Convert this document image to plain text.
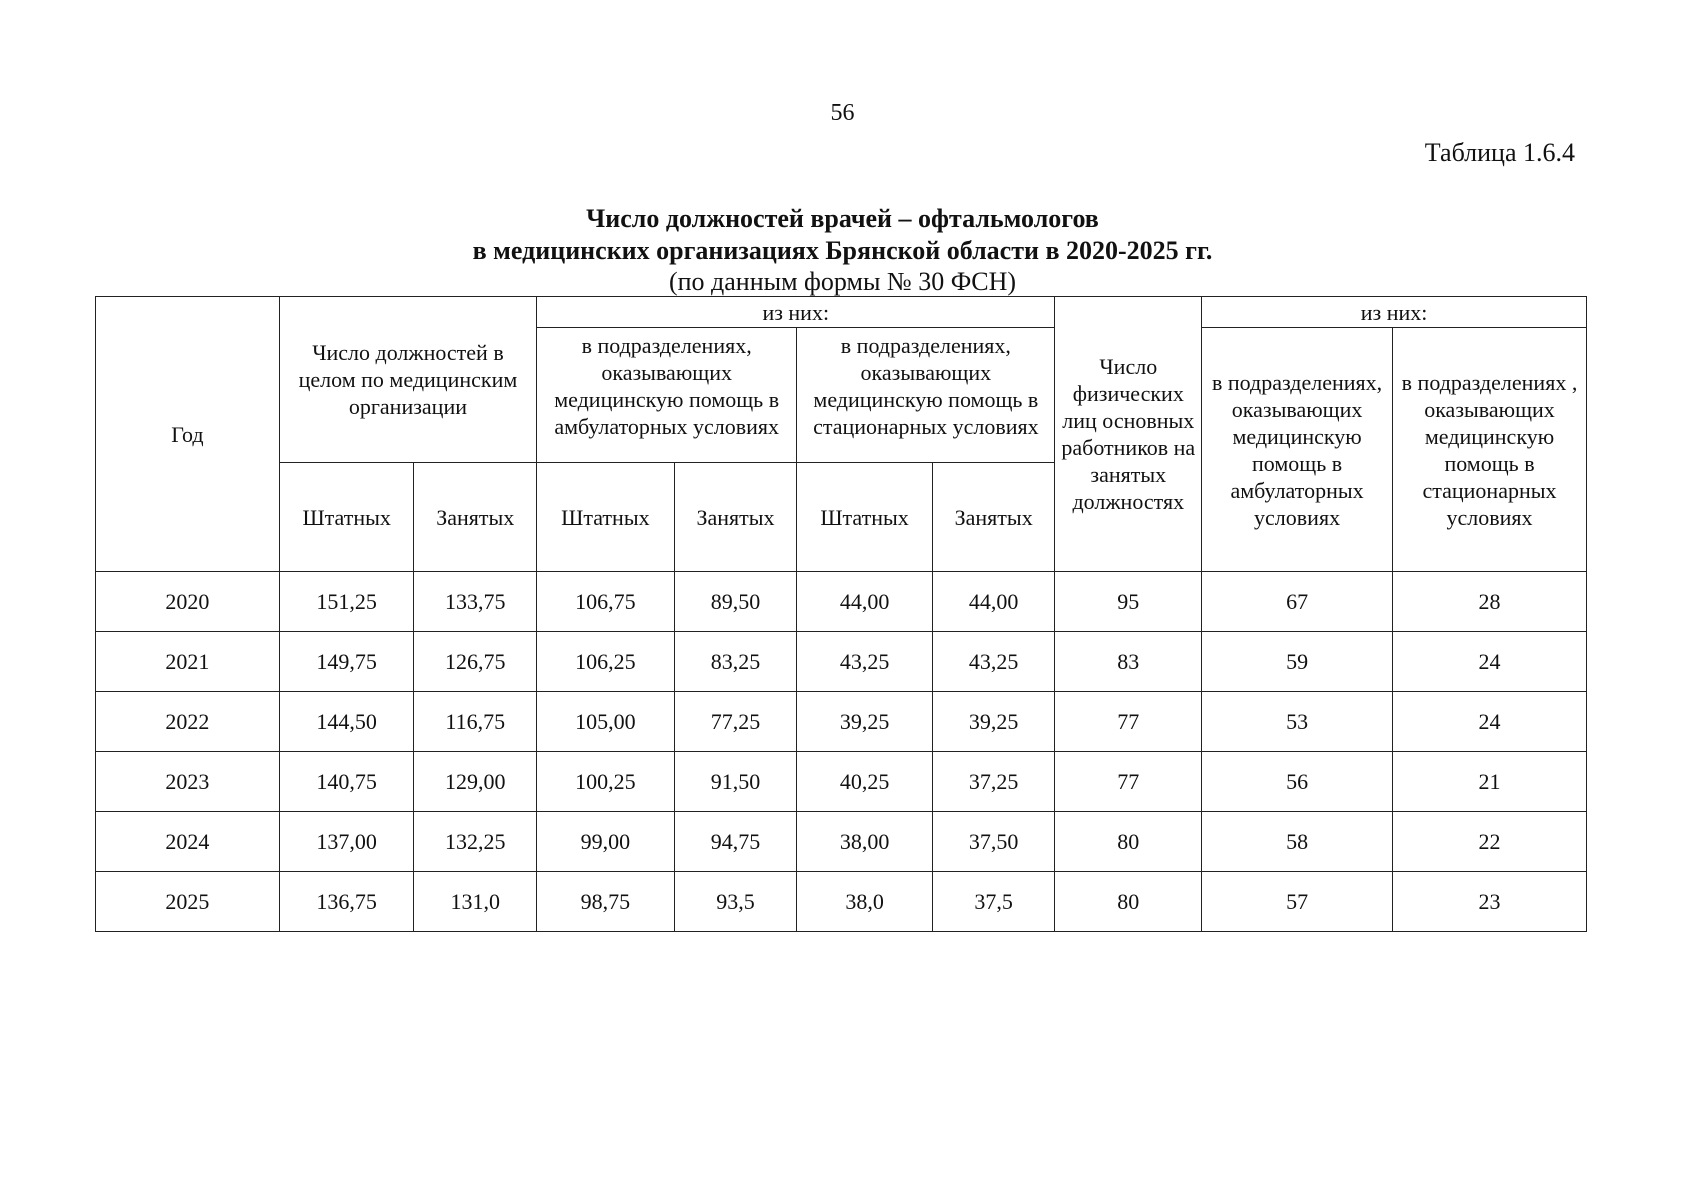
56
Таблица 1.6.4
Число должностей врачей – офтальмологов
в медицинских организациях Брянской области в 2020-2025 гг.
(по данным формы № 30 ФСН)
Год	Число должностей в целом по медицинским организации		из них:				Число физических лиц основных работников на занятых должностях	из них:	
			в подразделениях, оказывающих медицинскую помощь в амбулаторных условиях		в подразделениях, оказывающих медицинскую помощь в стационарных условиях			в подразделениях, оказывающих медицинскую помощь в амбулаторных условиях	в подразделениях , оказывающих медицинскую помощь в стационарных условиях
	Штатных	Занятых	Штатных	Занятых	Штатных	Занятых			
2020	151,25	133,75	106,75	89,50	44,00	44,00	95	67	28
2021	149,75	126,75	106,25	83,25	43,25	43,25	83	59	24
2022	144,50	116,75	105,00	77,25	39,25	39,25	77	53	24
2023	140,75	129,00	100,25	91,50	40,25	37,25	77	56	21
2024	137,00	132,25	99,00	94,75	38,00	37,50	80	58	22
2025	136,75	131,0	98,75	93,5	38,0	37,5	80	57	23
